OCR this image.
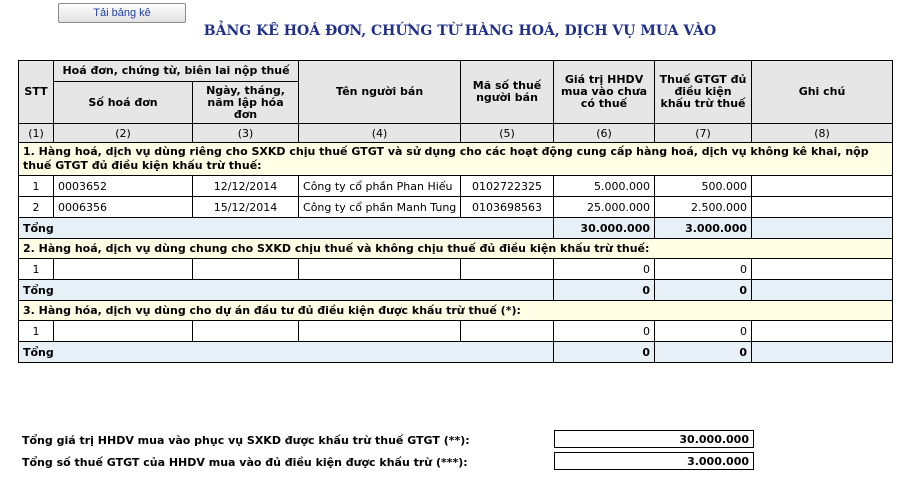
Tải bảng kê
BẢNG KÊ HOÁ ĐƠN, CHỨNG TỪ HÀNG HOÁ, DỊCH VỤ MUA VÀO
STT	Hoá đơn, chứng từ, biên lai nộp thuế		Tên người bán	Mã số thuế người bán	Giá trị HHDV mua vào chưa có thuế	Thuế GTGT đủ điều kiện khấu trừ thuế	Ghi chú
	Số hoá đơn	Ngày, tháng, năm lập hóa đơn					
(1)	(2)	(3)	(4)	(5)	(6)	(7)	(8)
1. Hàng hoá, dịch vụ dùng riêng cho SXKD chịu thuế GTGT và sử dụng cho các hoạt động cung cấp hàng hoá, dịch vụ không kê khai, nộp thuế GTGT đủ điều kiện khấu trừ thuế:							
1	0003652	12/12/2014	Công ty cổ phần Phan Hiếu	0102722325	5.000.000	500.000	
2	0006356	15/12/2014	Công ty cổ phần Manh Tung	0103698563	25.000.000	2.500.000	
Tổng					30.000.000	3.000.000	
2. Hàng hoá, dịch vụ dùng chung cho SXKD chịu thuế và không chịu thuế đủ điều kiện khấu trừ thuế:							
1					0	0	
Tổng					0	0	
3. Hàng hóa, dịch vụ dùng cho dự án đầu tư đủ điều kiện được khấu trừ thuế (*):							
1					0	0	
Tổng					0	0	
Tổng giá trị HHDV mua vào phục vụ SXKD được khấu trừ thuế GTGT (**):	30.000.000
Tổng số thuế GTGT của HHDV mua vào đủ điều kiện được khấu trừ (***):	3.000.000
